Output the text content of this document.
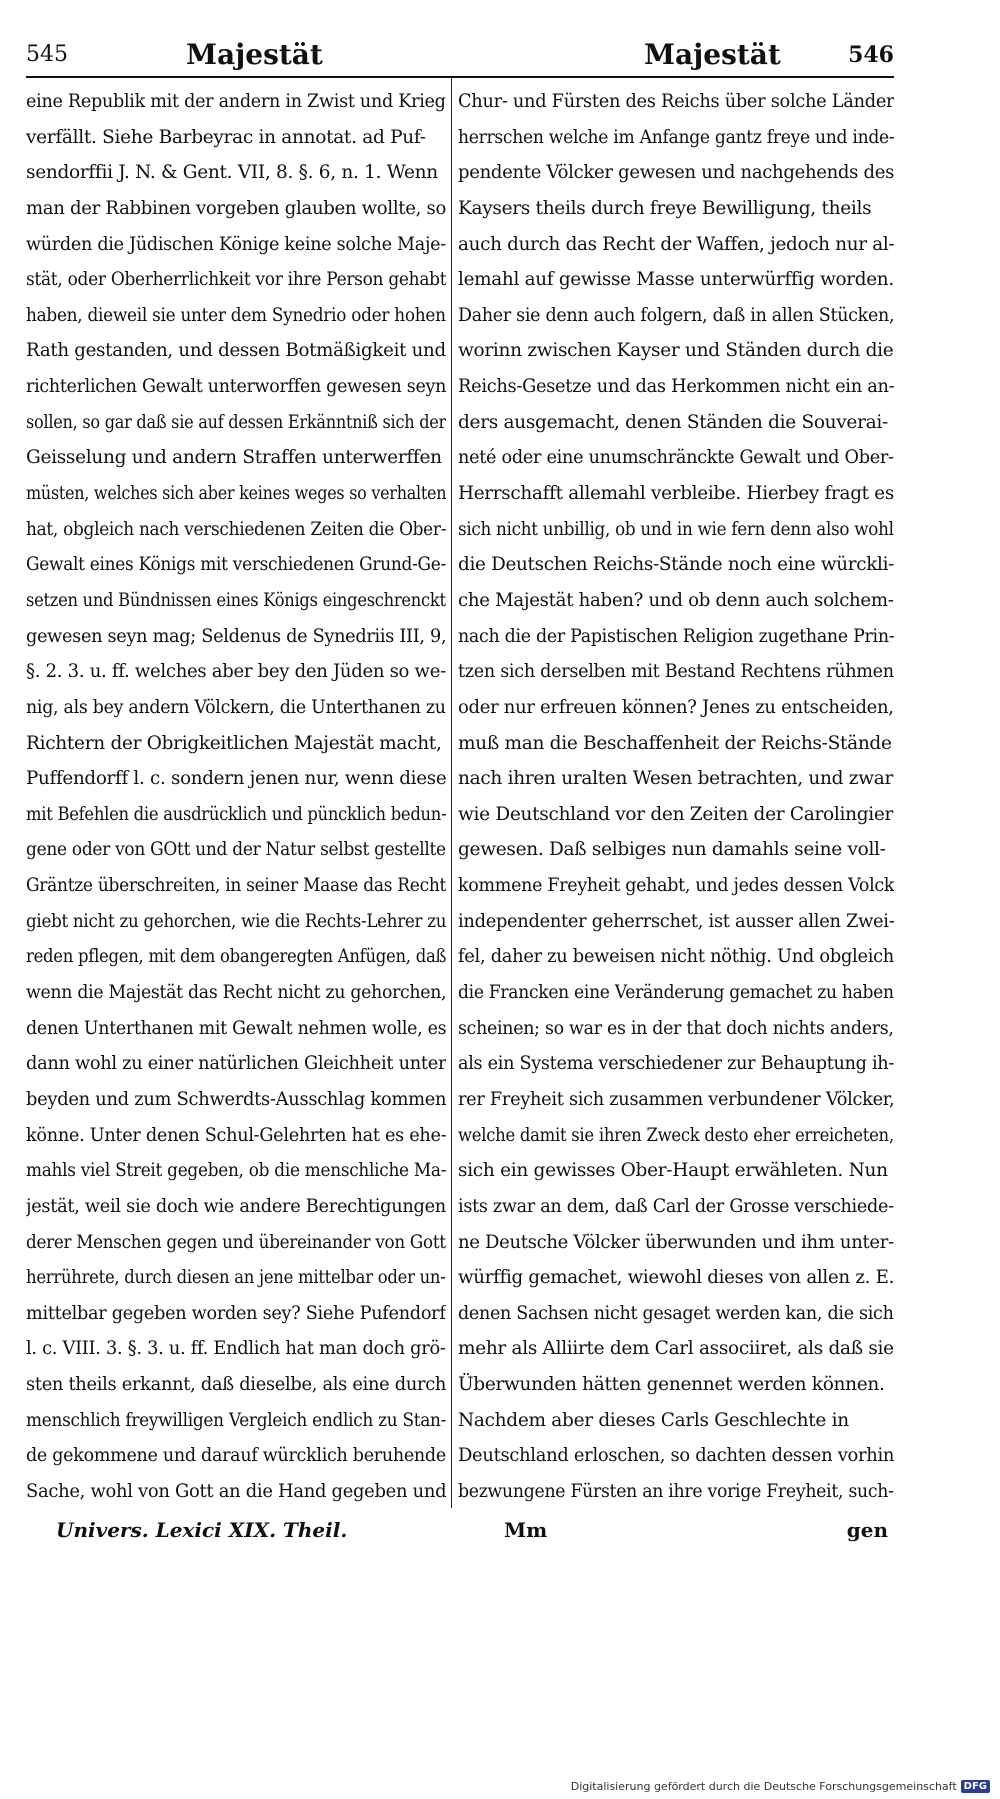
545	Majestät	Majestät	546
eine Republik mit der andern in Zwist und Krieg
verfällt. Siehe Barbeyrac in annotat. ad Puf-
sendorffii J. N. & Gent. VII, 8. §. 6, n. 1. Wenn
man der Rabbinen vorgeben glauben wollte, so
würden die Jüdischen Könige keine solche Maje-
stät, oder Oberherrlichkeit vor ihre Person gehabt
haben, dieweil sie unter dem Synedrio oder hohen
Rath gestanden, und dessen Botmäßigkeit und
richterlichen Gewalt unterworffen gewesen seyn
sollen, so gar daß sie auf dessen Erkänntniß sich der
Geisselung und andern Straffen unterwerffen
müsten, welches sich aber keines weges so verhalten
hat, obgleich nach verschiedenen Zeiten die Ober-
Gewalt eines Königs mit verschiedenen Grund-Ge-
setzen und Bündnissen eines Königs eingeschrenckt
gewesen seyn mag; Seldenus de Synedriis III, 9,
§. 2. 3. u. ff. welches aber bey den Jüden so we-
nig, als bey andern Völckern, die Unterthanen zu
Richtern der Obrigkeitlichen Majestät macht,
Puffendorff l. c. sondern jenen nur, wenn diese
mit Befehlen die ausdrücklich und püncklich bedun-
gene oder von GOtt und der Natur selbst gestellte
Gräntze überschreiten, in seiner Maase das Recht
giebt nicht zu gehorchen, wie die Rechts-Lehrer zu
reden pflegen, mit dem obangeregten Anfügen, daß
wenn die Majestät das Recht nicht zu gehorchen,
denen Unterthanen mit Gewalt nehmen wolle, es
dann wohl zu einer natürlichen Gleichheit unter
beyden und zum Schwerdts-Ausschlag kommen
könne. Unter denen Schul-Gelehrten hat es ehe-
mahls viel Streit gegeben, ob die menschliche Ma-
jestät, weil sie doch wie andere Berechtigungen
derer Menschen gegen und übereinander von Gott
herrührete, durch diesen an jene mittelbar oder un-
mittelbar gegeben worden sey? Siehe Pufendorf
l. c. VIII. 3. §. 3. u. ff. Endlich hat man doch grö-
sten theils erkannt, daß dieselbe, als eine durch
menschlich freywilligen Vergleich endlich zu Stan-
de gekommene und darauf würcklich beruhende
Sache, wohl von Gott an die Hand gegeben und
Chur- und Fürsten des Reichs über solche Länder
herrschen welche im Anfange gantz freye und inde-
pendente Völcker gewesen und nachgehends des
Kaysers theils durch freye Bewilligung, theils
auch durch das Recht der Waffen, jedoch nur al-
lemahl auf gewisse Masse unterwürffig worden.
Daher sie denn auch folgern, daß in allen Stücken,
worinn zwischen Kayser und Ständen durch die
Reichs-Gesetze und das Herkommen nicht ein an-
ders ausgemacht, denen Ständen die Souverai-
neté oder eine unumschränckte Gewalt und Ober-
Herrschafft allemahl verbleibe. Hierbey fragt es
sich nicht unbillig, ob und in wie fern denn also wohl
die Deutschen Reichs-Stände noch eine würckli-
che Majestät haben? und ob denn auch solchem-
nach die der Papistischen Religion zugethane Prin-
tzen sich derselben mit Bestand Rechtens rühmen
oder nur erfreuen können? Jenes zu entscheiden,
muß man die Beschaffenheit der Reichs-Stände
nach ihren uralten Wesen betrachten, und zwar
wie Deutschland vor den Zeiten der Carolingier
gewesen. Daß selbiges nun damahls seine voll-
kommene Freyheit gehabt, und jedes dessen Volck
independenter geherrschet, ist ausser allen Zwei-
fel, daher zu beweisen nicht nöthig. Und obgleich
die Francken eine Veränderung gemachet zu haben
scheinen; so war es in der that doch nichts anders,
als ein Systema verschiedener zur Behauptung ih-
rer Freyheit sich zusammen verbundener Völcker,
welche damit sie ihren Zweck desto eher erreicheten,
sich ein gewisses Ober-Haupt erwähleten. Nun
ists zwar an dem, daß Carl der Grosse verschiede-
ne Deutsche Völcker überwunden und ihm unter-
würffig gemachet, wiewohl dieses von allen z. E.
denen Sachsen nicht gesaget werden kan, die sich
mehr als Alliirte dem Carl associiret, als daß sie
Überwunden hätten genennet werden können.
Nachdem aber dieses Carls Geschlechte in
Deutschland erloschen, so dachten dessen vorhin
bezwungene Fürsten an ihre vorige Freyheit, such-
Univers. Lexici XIX. Theil.	Mm	gen
Digitalisierung gefördert durch die Deutsche Forschungsgemeinschaft DFG
